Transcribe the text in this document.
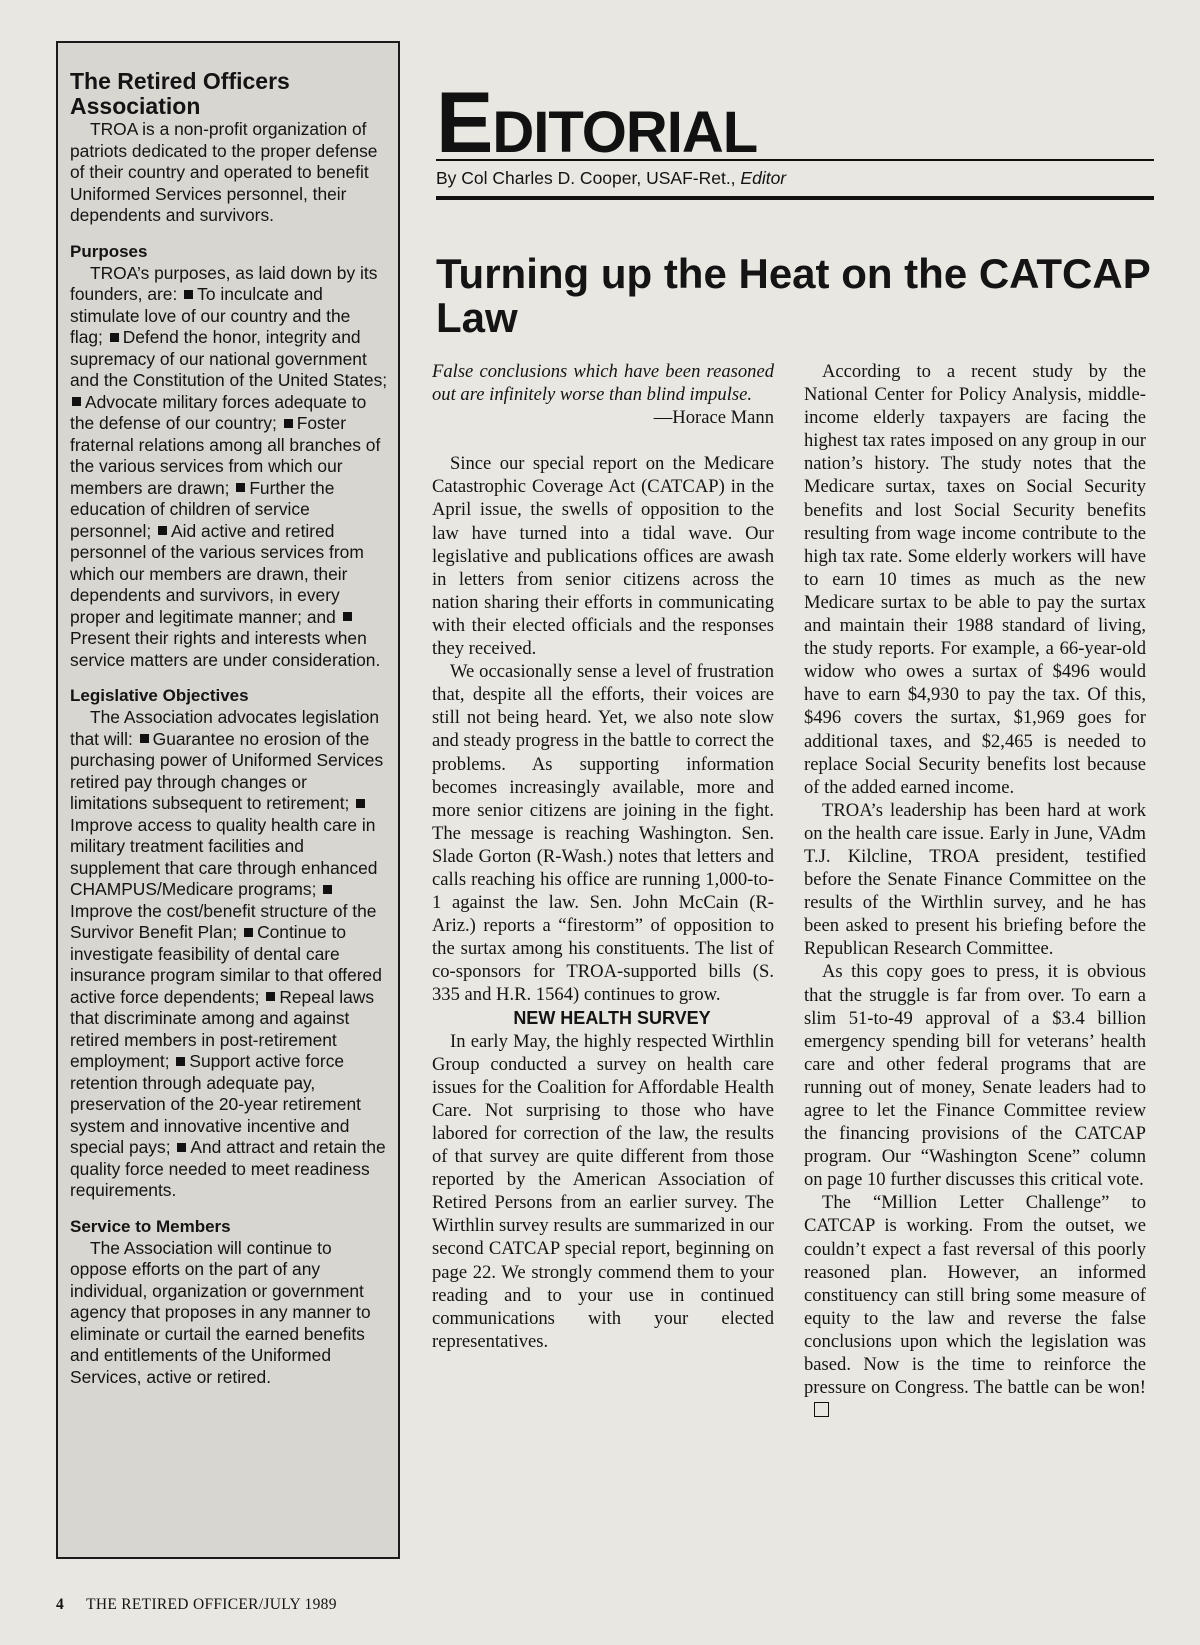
The Retired Officers Association

TROA is a non-profit organization of patriots dedicated to the proper defense of their country and operated to benefit Uniformed Services personnel, their dependents and survivors.

Purposes

TROA’s purposes, as laid down by its founders, are: To inculcate and stimulate love of our country and the flag; Defend the honor, integrity and supremacy of our national government and the Constitution of the United States; Advocate military forces adequate to the defense of our country; Foster fraternal relations among all branches of the various services from which our members are drawn; Further the education of children of service personnel; Aid active and retired personnel of the various services from which our members are drawn, their dependents and survivors, in every proper and legitimate manner; and Present their rights and interests when service matters are under consideration.

Legislative Objectives

The Association advocates legislation that will: Guarantee no erosion of the purchasing power of Uniformed Services retired pay through changes or limitations subsequent to retirement; Improve access to quality health care in military treatment facilities and supplement that care through enhanced CHAMPUS/Medicare programs; Improve the cost/benefit structure of the Survivor Benefit Plan; Continue to investigate feasibility of dental care insurance program similar to that offered active force dependents; Repeal laws that discriminate among and against retired members in post-retirement employment; Support active force retention through adequate pay, preservation of the 20-year retirement system and innovative incentive and special pays; And attract and retain the quality force needed to meet readiness requirements.

Service to Members

The Association will continue to oppose efforts on the part of any individual, organization or government agency that proposes in any manner to eliminate or curtail the earned benefits and entitlements of the Uniformed Services, active or retired.

EDITORIAL

By Col Charles D. Cooper, USAF-Ret., Editor

Turning up the Heat on the CATCAP Law

False conclusions which have been reasoned out are infinitely worse than blind impulse.

—Horace Mann

Since our special report on the Medicare Catastrophic Coverage Act (CATCAP) in the April issue, the swells of opposition to the law have turned into a tidal wave. Our legislative and publications offices are awash in letters from senior citizens across the nation sharing their efforts in communicating with their elected officials and the responses they received.

We occasionally sense a level of frustration that, despite all the efforts, their voices are still not being heard. Yet, we also note slow and steady progress in the battle to correct the problems. As supporting information becomes increasingly available, more and more senior citizens are joining in the fight. The message is reaching Washington. Sen. Slade Gorton (R-Wash.) notes that letters and calls reaching his office are running 1,000-to-1 against the law. Sen. John McCain (R-Ariz.) reports a “firestorm” of opposition to the surtax among his constituents. The list of co-sponsors for TROA-supported bills (S. 335 and H.R. 1564) continues to grow.

NEW HEALTH SURVEY

In early May, the highly respected Wirthlin Group conducted a survey on health care issues for the Coalition for Affordable Health Care. Not surprising to those who have labored for correction of the law, the results of that survey are quite different from those reported by the American Association of Retired Persons from an earlier survey. The Wirthlin survey results are summarized in our second CATCAP special report, beginning on page 22. We strongly commend them to your reading and to your use in continued communications with your elected representatives.

According to a recent study by the National Center for Policy Analysis, middle-income elderly taxpayers are facing the highest tax rates imposed on any group in our nation’s history. The study notes that the Medicare surtax, taxes on Social Security benefits and lost Social Security benefits resulting from wage income contribute to the high tax rate. Some elderly workers will have to earn 10 times as much as the new Medicare surtax to be able to pay the surtax and maintain their 1988 standard of living, the study reports. For example, a 66-year-old widow who owes a surtax of $496 would have to earn $4,930 to pay the tax. Of this, $496 covers the surtax, $1,969 goes for additional taxes, and $2,465 is needed to replace Social Security benefits lost because of the added earned income.

TROA’s leadership has been hard at work on the health care issue. Early in June, VAdm T.J. Kilcline, TROA president, testified before the Senate Finance Committee on the results of the Wirthlin survey, and he has been asked to present his briefing before the Republican Research Committee.

As this copy goes to press, it is obvious that the struggle is far from over. To earn a slim 51-to-49 approval of a $3.4 billion emergency spending bill for veterans’ health care and other federal programs that are running out of money, Senate leaders had to agree to let the Finance Committee review the financing provisions of the CATCAP program. Our “Washington Scene” column on page 10 further discusses this critical vote.

The “Million Letter Challenge” to CATCAP is working. From the outset, we couldn’t expect a fast reversal of this poorly reasoned plan. However, an informed constituency can still bring some measure of equity to the law and reverse the false conclusions upon which the legislation was based. Now is the time to reinforce the pressure on Congress. The battle can be won!

4 THE RETIRED OFFICER/JULY 1989
